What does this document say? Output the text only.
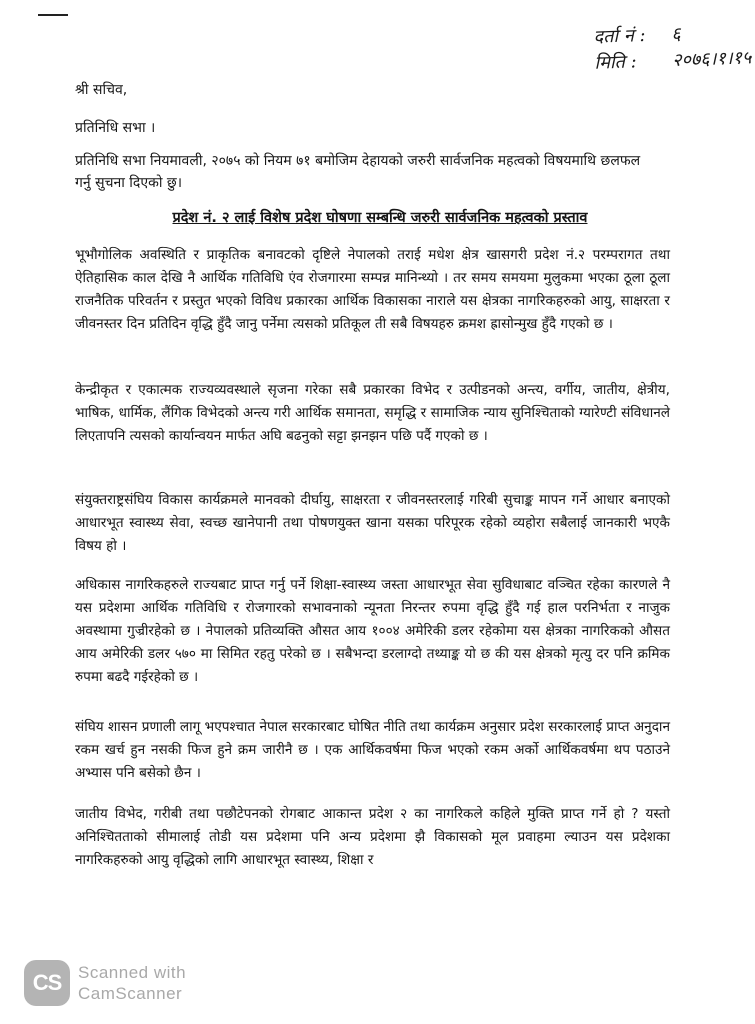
दर्ता नं : ६
मिति : २०७६।१।१५
श्री सचिव,
प्रतिनिधि सभा ।
प्रतिनिधि सभा नियमावली, २०७५ को नियम ७१ बमोजिम देहायको जरुरी सार्वजनिक महत्वको विषयमाथि छलफल गर्नु सुचना दिएको छु।
प्रदेश नं. २ लाई विशेष प्रदेश घोषणा सम्बन्धि जरुरी सार्वजनिक महत्वको प्रस्ताव
भूभौगोलिक अवस्थिति र प्राकृतिक बनावटको दृष्टिले नेपालको तराई मधेश क्षेत्र खासगरी प्रदेश नं.२ परम्परागत तथा ऐतिहासिक काल देखि नै आर्थिक गतिविधि एंव रोजगारमा सम्पन्न मानिन्थ्यो । तर समय समयमा मुलुकमा भएका ठूला ठूला राजनैतिक परिवर्तन र प्रस्तुत भएको विविध प्रकारका आर्थिक विकासका नाराले यस क्षेत्रका नागरिकहरुको आयु, साक्षरता र जीवनस्तर दिन प्रतिदिन वृद्धि हुँदै जानु पर्नेमा त्यसको प्रतिकूल ती सबै विषयहरु क्रमश ह्रासोन्मुख हुँदै गएको छ ।
केन्द्रीकृत र एकात्मक राज्यव्यवस्थाले सृजना गरेका सबै प्रकारका विभेद र उत्पीडनको अन्त्य, वर्गीय, जातीय, क्षेत्रीय, भाषिक, धार्मिक, लैंगिक विभेदको अन्त्य गरी आर्थिक समानता, समृद्धि र सामाजिक न्याय सुनिश्चिताको ग्यारेण्टी संविधानले लिएतापनि त्यसको कार्यान्वयन मार्फत अघि बढनुको सट्टा झनझन पछि पर्दै गएको छ ।
संयुक्तराष्ट्रसंघिय विकास कार्यक्रमले मानवको दीर्घायु, साक्षरता र जीवनस्तरलाई गरिबी सुचाङ्क मापन गर्ने आधार बनाएको आधारभूत स्वास्थ्य सेवा, स्वच्छ खानेपानी तथा पोषणयुक्त खाना यसका परिपूरक रहेको व्यहोरा सबैलाई जानकारी भएकै विषय हो ।
अधिकास नागरिकहरुले राज्यबाट प्राप्त गर्नु पर्ने शिक्षा-स्वास्थ्य जस्ता आधारभूत सेवा सुविधाबाट वञ्चित रहेका कारणले नै यस प्रदेशमा आर्थिक गतिविधि र रोजगारको सभावनाको न्यूनता निरन्तर रुपमा वृद्धि हुँदै गई हाल परनिर्भता र नाजुक अवस्थामा गुज्रीरहेको छ । नेपालको प्रतिव्यक्ति औसत आय १००४ अमेरिकी डलर रहेकोमा यस क्षेत्रका नागरिकको औसत आय अमेरिकी डलर ५७० मा सिमित रहतु परेको छ । सबैभन्दा डरलाग्दो तथ्याङ्क यो छ की यस क्षेत्रको मृत्यु दर पनि क्रमिक रुपमा बढदै गईरहेको छ ।
संघिय शासन प्रणाली लागू भएपश्चात नेपाल सरकारबाट घोषित नीति तथा कार्यक्रम अनुसार प्रदेश सरकारलाई प्राप्त अनुदान रकम खर्च हुन नसकी फिज हुने क्रम जारीनै छ । एक आर्थिकवर्षमा फिज भएको रकम अर्को आर्थिकवर्षमा थप पठाउने अभ्यास पनि बसेको छैन ।
जातीय विभेद, गरीबी तथा पछौटेपनको रोगबाट आकान्त प्रदेश २ का नागरिकले कहिले मुक्ति प्राप्त गर्ने हो ? यस्तो अनिश्चितताको सीमालाई तोडी यस प्रदेशमा पनि अन्य प्रदेशमा झै विकासको मूल प्रवाहमा ल्याउन यस प्रदेशका नागरिकहरुको आयु वृद्धिको लागि आधारभूत स्वास्थ्य, शिक्षा र
CS Scanned with
CamScanner
